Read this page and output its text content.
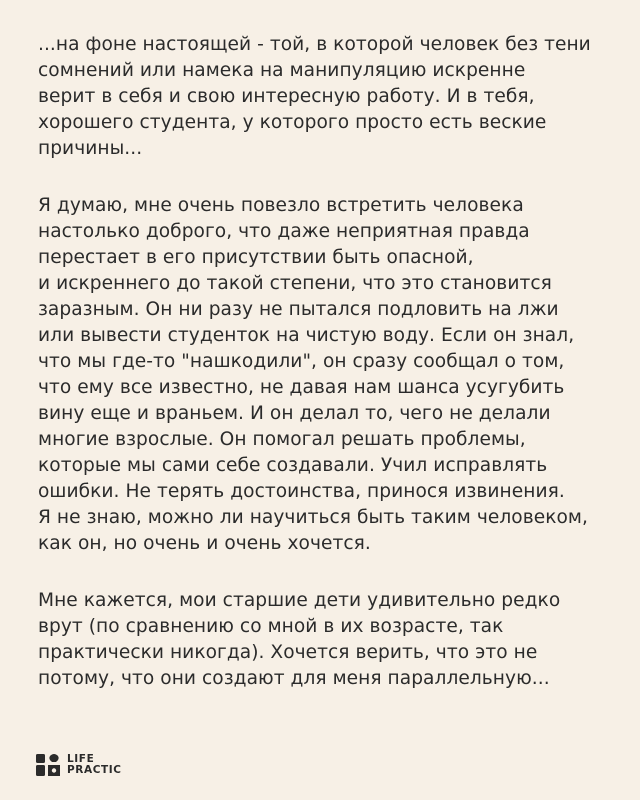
...на фоне настоящей - той, в которой человек без тени
сомнений или намека на манипуляцию искренне
верит в себя и свою интересную работу. И в тебя,
хорошего студента, у которого просто есть веские
причины...

Я думаю, мне очень повезло встретить человека
настолько доброго, что даже неприятная правда
перестает в его присутствии быть опасной,
и искреннего до такой степени, что это становится
заразным. Он ни разу не пытался подловить на лжи
или вывести студенток на чистую воду. Если он знал,
что мы где-то "нашкодили", он сразу сообщал о том,
что ему все известно, не давая нам шанса усугубить
вину еще и враньем. И он делал то, чего не делали
многие взрослые. Он помогал решать проблемы,
которые мы сами себе создавали. Учил исправлять
ошибки. Не терять достоинства, принося извинения.
Я не знаю, можно ли научиться быть таким человеком,
как он, но очень и очень хочется.

Мне кажется, мои старшие дети удивительно редко
врут (по сравнению со мной в их возрасте, так
практически никогда). Хочется верить, что это не
потому, что они создают для меня параллельную...

LIFE
PRACTIC
